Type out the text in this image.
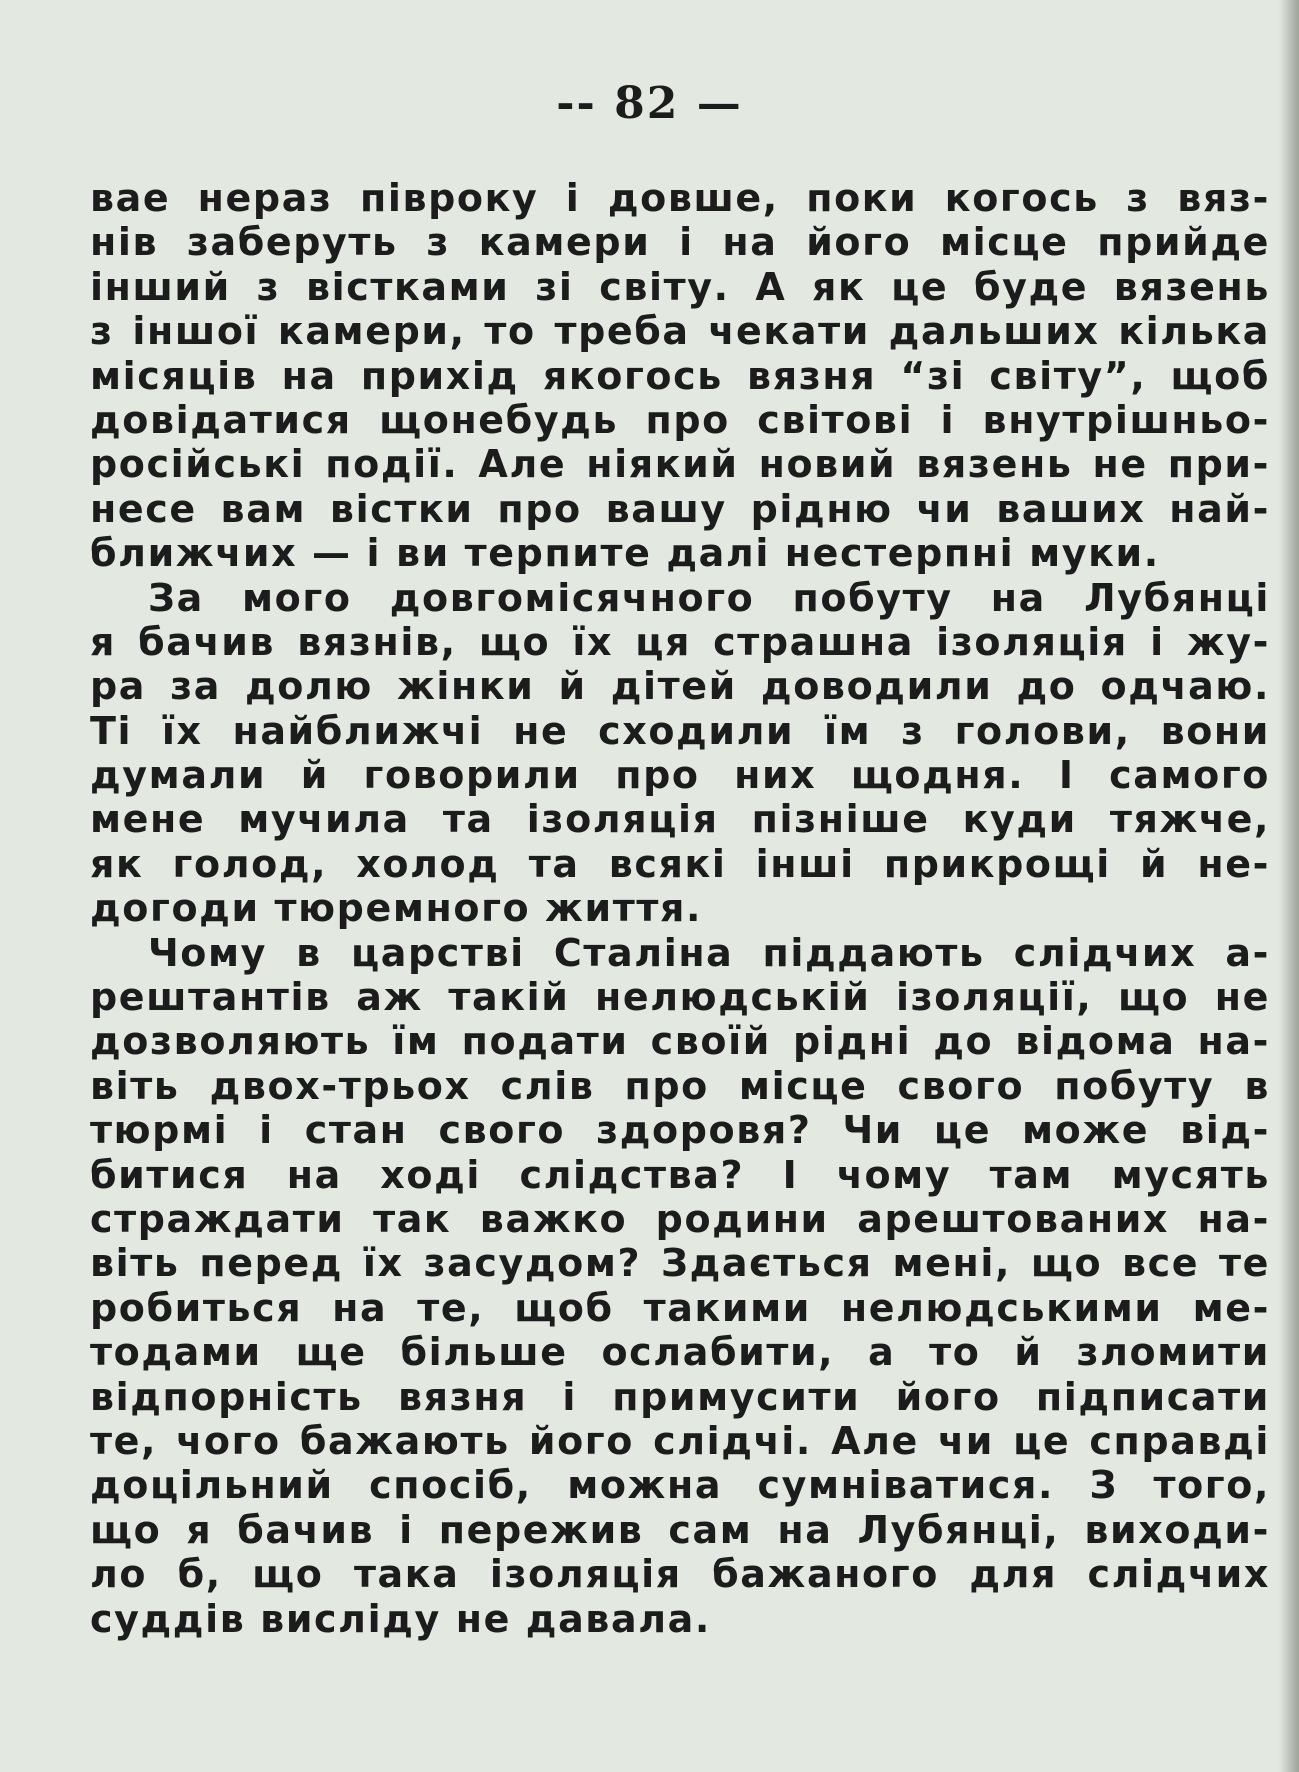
-- 82 —
вае нераз півроку і довше, поки когось з вяз-
нів заберуть з камери і на його місце прийде
інший з вістками зі світу. А як це буде вязень
з іншої камери, то треба чекати дальших кілька
місяців на прихід якогось вязня “зі світу”, щоб
довідатися щонебудь про світові і внутрішньо-
російські події. Але ніякий новий вязень не при-
несе вам вістки про вашу рідню чи ваших най-
ближчих — і ви терпите далі нестерпні муки.
За мого довгомісячного побуту на Лубянці
я бачив вязнів, що їх ця страшна ізоляція і жу-
ра за долю жінки й дітей доводили до одчаю.
Ті їх найближчі не сходили їм з голови, вони
думали й говорили про них щодня. І самого
мене мучила та ізоляція пізніше куди тяжче,
як голод, холод та всякі інші прикрощі й не-
догоди тюремного життя.
Чому в царстві Сталіна піддають слідчих а-
рештантів аж такій нелюдській ізоляції, що не
дозволяють їм подати своїй рідні до відома на-
віть двох-трьох слів про місце свого побуту в
тюрмі і стан свого здоровя? Чи це може від-
битися на ході слідства? І чому там мусять
страждати так важко родини арештованих на-
віть перед їх засудом? Здається мені, що все те
робиться на те, щоб такими нелюдськими ме-
тодами ще більше ослабити, а то й зломити
відпорність вязня і примусити його підписати
те, чого бажають його слідчі. Але чи це справді
доцільний спосіб, можна сумніватися. З того,
що я бачив і пережив сам на Лубянці, виходи-
ло б, що така ізоляція бажаного для слідчих
суддів висліду не давала.
